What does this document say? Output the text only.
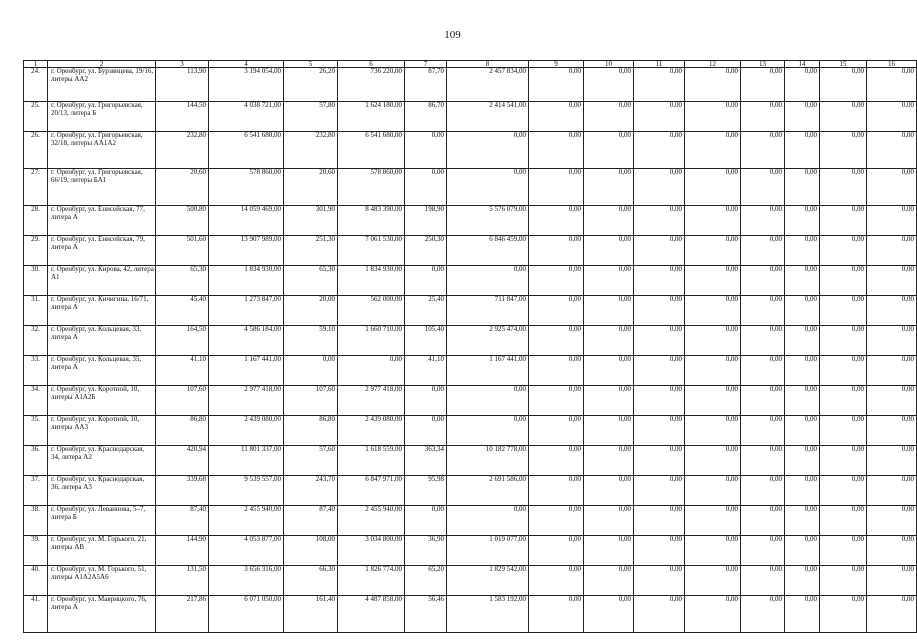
109
1	2	3	4	5	6	7	8	9	10	11	12	13	14	15	16
24.	г. Оренбург, ул. Бурзянцева, 19/16, литеры АА2	113,90	3 194 054,00	26,20	736 220,00	87,70	2 457 834,00	0,00	0,00	0,00	0,00	0,00	0,00	0,00	0,00
25.	г. Оренбург, ул. Григорьевская, 20/13, литера Б	144,50	4 038 721,00	57,80	1 624 180,00	86,70	2 414 541,00	0,00	0,00	0,00	0,00	0,00	0,00	0,00	0,00
26.	г. Оренбург, ул. Григорьевская, 32/18, литеры АА1А2	232,80	6 541 680,00	232,80	6 541 680,00	0,00	0,00	0,00	0,00	0,00	0,00	0,00	0,00	0,00	0,00
27.	г. Оренбург, ул. Григорьевская, 66/19, литеры БА1	20,60	578 860,00	20,60	578 860,00	0,00	0,00	0,00	0,00	0,00	0,00	0,00	0,00	0,00	0,00
28.	г. Оренбург, ул. Енисейская, 77, литера А	500,80	14 059 469,00	301,90	8 483 390,00	198,90	5 576 079,00	0,00	0,00	0,00	0,00	0,00	0,00	0,00	0,00
29.	г. Оренбург, ул. Енисейская, 79, литера А	501,60	13 907 989,00	251,30	7 061 530,00	250,30	6 846 459,00	0,00	0,00	0,00	0,00	0,00	0,00	0,00	0,00
30.	г. Оренбург, ул. Кирова, 42, литера А1	65,30	1 834 930,00	65,30	1 834 930,00	0,00	0,00	0,00	0,00	0,00	0,00	0,00	0,00	0,00	0,00
31.	г. Оренбург, ул. Кичигина, 16/71, литера А	45,40	1 273 847,00	20,00	562 000,00	25,40	711 847,00	0,00	0,00	0,00	0,00	0,00	0,00	0,00	0,00
32.	г. Оренбург, ул. Кольцевая, 33, литера А	164,50	4 586 184,00	59,10	1 660 710,00	105,40	2 925 474,00	0,00	0,00	0,00	0,00	0,00	0,00	0,00	0,00
33.	г. Оренбург, ул. Кольцевая, 35, литера А	41,10	1 167 441,00	0,00	0,00	41,10	1 167 441,00	0,00	0,00	0,00	0,00	0,00	0,00	0,00	0,00
34.	г. Оренбург, ул. Коротной, 10, литеры А1А2Б	107,60	2 977 418,00	107,60	2 977 418,00	0,00	0,00	0,00	0,00	0,00	0,00	0,00	0,00	0,00	0,00
35.	г. Оренбург, ул. Коротной, 10, литеры АА3	86,80	2 439 080,00	86,80	2 439 080,00	0,00	0,00	0,00	0,00	0,00	0,00	0,00	0,00	0,00	0,00
36.	г. Оренбург, ул. Краснодарская, 34, литера А2	420,94	11 801 337,00	57,60	1 618 559,00	363,34	10 182 778,00	0,00	0,00	0,00	0,00	0,00	0,00	0,00	0,00
37.	г. Оренбург, ул. Краснодарская, 36, литера А3	339,68	9 539 557,00	243,70	6 847 971,00	95,98	2 691 586,00	0,00	0,00	0,00	0,00	0,00	0,00	0,00	0,00
38.	г. Оренбург, ул. Леваннова, 5–7, литера Б	87,40	2 455 940,00	87,40	2 455 940,00	0,00	0,00	0,00	0,00	0,00	0,00	0,00	0,00	0,00	0,00
39.	г. Оренбург, ул. М. Горького, 21, литеры АВ	144,90	4 053 877,00	108,00	3 034 800,00	36,90	1 019 077,00	0,00	0,00	0,00	0,00	0,00	0,00	0,00	0,00
40.	г. Оренбург, ул. М. Горького, 51, литеры А1А2А5А6	131,50	3 656 316,00	66,30	1 826 774,00	65,20	1 829 542,00	0,00	0,00	0,00	0,00	0,00	0,00	0,00	0,00
41.	г. Оренбург, ул. Маврицкого, 76, литера А	217,86	6 071 050,00	161,40	4 487 858,00	56,46	1 583 192,00	0,00	0,00	0,00	0,00	0,00	0,00	0,00	0,00
